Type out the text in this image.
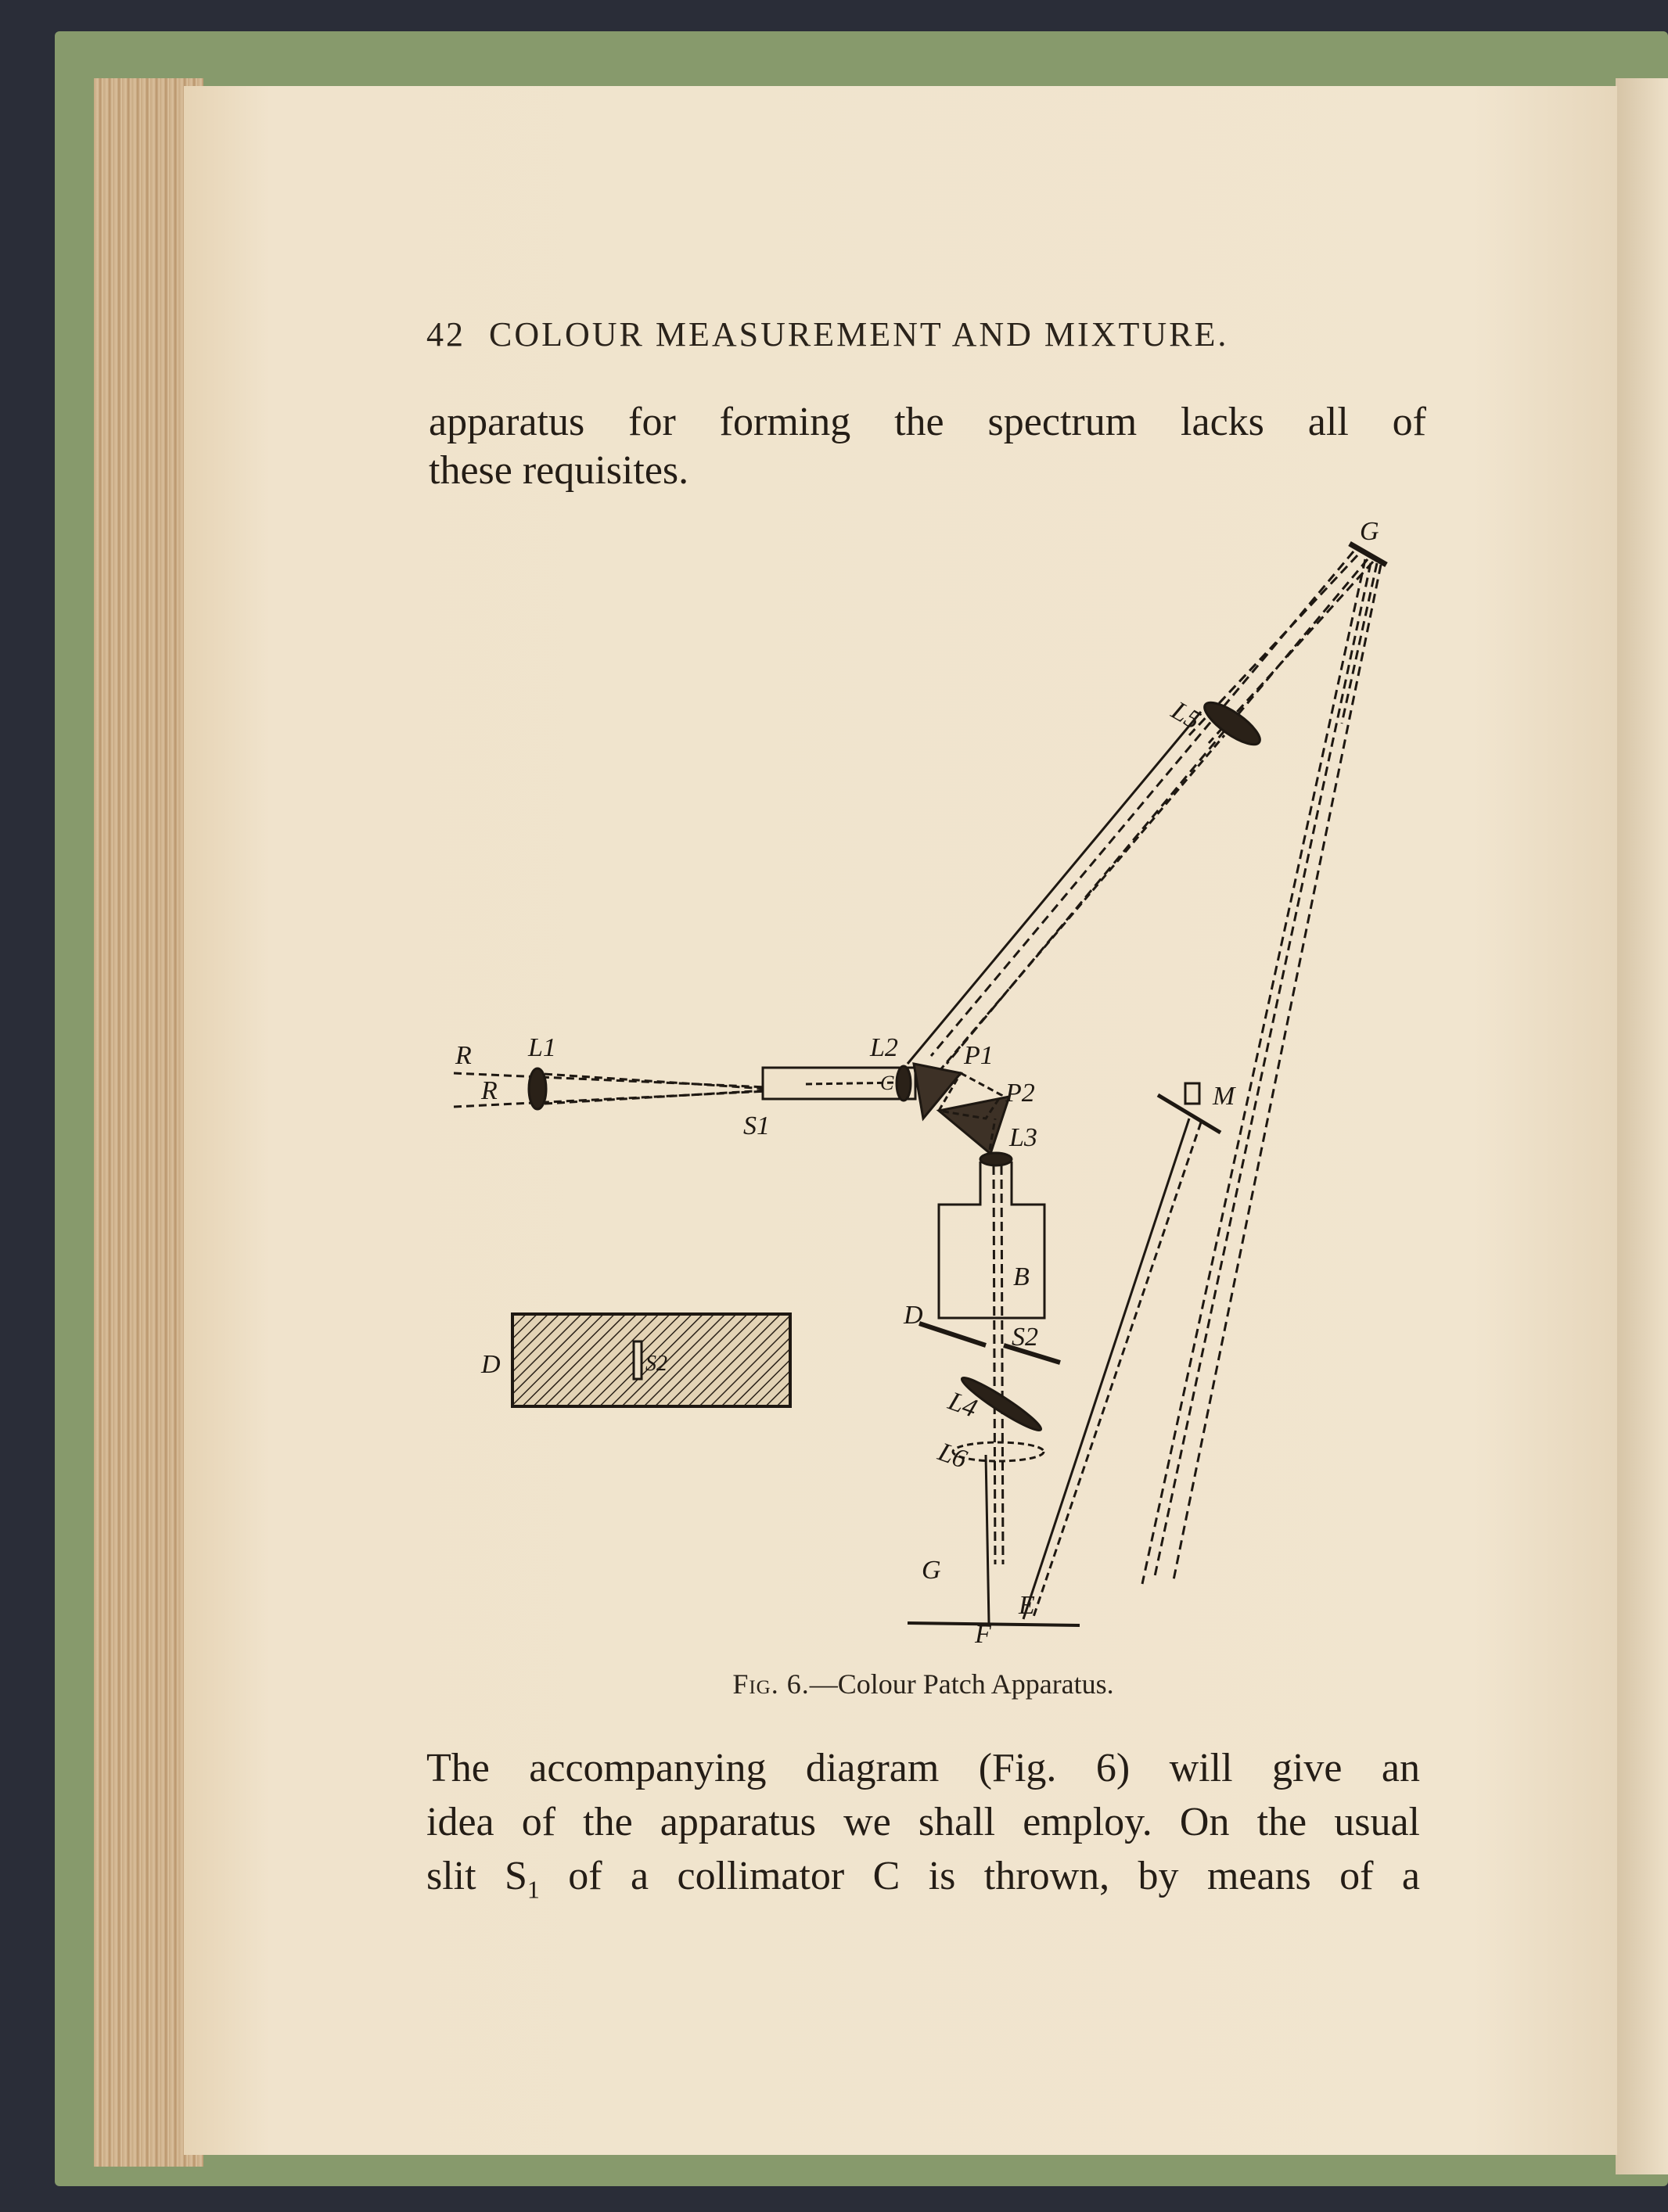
42 COLOUR MEASUREMENT AND MIXTURE.
apparatus for forming the spectrum lacks all of
these requisites.
G
L5
R L1
R
L2
C
P1
P2
S1	L3
M
B
D
S2
D	S2
L4
L6
G
E
F
Fig. 6.—Colour Patch Apparatus.
The accompanying diagram (Fig. 6) will give an
idea of the apparatus we shall employ. On the usual
slit $S_1$ of a collimator C is thrown, by means of a
